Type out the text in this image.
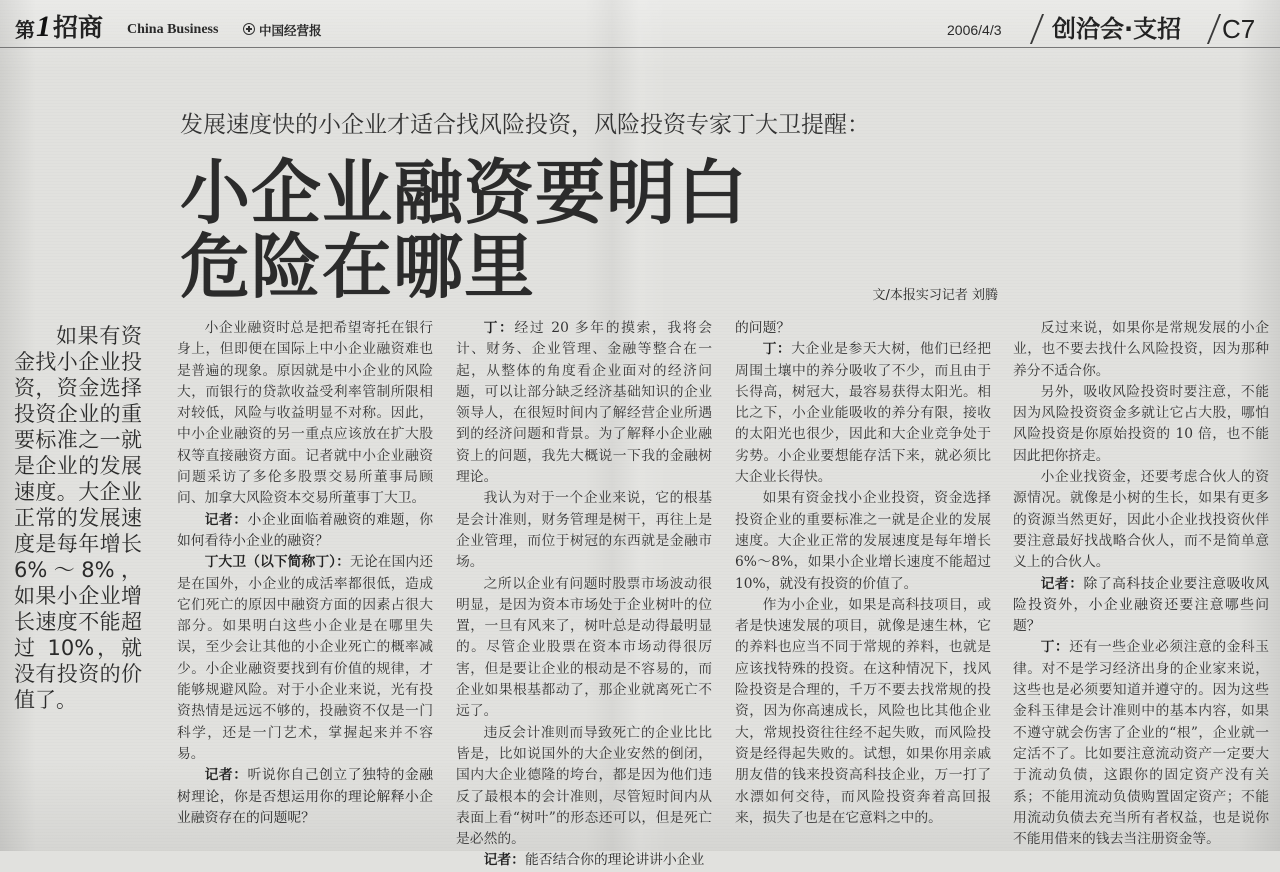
第 1 招商 China Business	中国经营报	2006/4/3 创洽会·支招 C7
发展速度快的小企业才适合找风险投资，风险投资专家丁大卫提醒：
小企业融资要明白
危险在哪里	文/本报实习记者 刘腾
如果有资金找小企业投资，资金选择投资企业的重要标准之一就是企业的发展速度。大企业正常的发展速度是每年增长 6%～8%，如果小企业增长速度不能超过 10%，就没有投资的价值了。

小企业融资时总是把希望寄托在银行身上，但即便在国际上中小企业融资难也是普遍的现象。原因就是中小企业的风险大，而银行的贷款收益受利率管制所限相对较低，风险与收益明显不对称。因此，中小企业融资的另一重点应该放在扩大股权等直接融资方面。记者就中小企业融资问题采访了多伦多股票交易所董事局顾问、加拿大风险资本交易所董事丁大卫。

记者：小企业面临着融资的难题，你如何看待小企业的融资？

丁大卫（以下简称丁）：无论在国内还是在国外，小企业的成活率都很低，造成它们死亡的原因中融资方面的因素占很大部分。如果明白这些小企业是在哪里失误，至少会让其他的小企业死亡的概率减少。小企业融资要找到有价值的规律，才能够规避风险。对于小企业来说，光有投资热情是远远不够的，投融资不仅是一门科学，还是一门艺术，掌握起来并不容易。

记者：听说你自己创立了独特的金融树理论，你是否想运用你的理论解释小企业融资存在的问题呢？

丁：经过 20 多年的摸索，我将会计、财务、企业管理、金融等整合在一起，从整体的角度看企业面对的经济问题，可以让部分缺乏经济基础知识的企业领导人，在很短时间内了解经营企业所遇到的经济问题和背景。为了解释小企业融资上的问题，我先大概说一下我的金融树理论。

我认为对于一个企业来说，它的根基是会计准则，财务管理是树干，再往上是企业管理，而位于树冠的东西就是金融市场。

之所以企业有问题时股票市场波动很明显，是因为资本市场处于企业树叶的位置，一旦有风来了，树叶总是动得最明显的。尽管企业股票在资本市场动得很厉害，但是要让企业的根动是不容易的，而企业如果根基都动了，那企业就离死亡不远了。

违反会计准则而导致死亡的企业比比皆是，比如说国外的大企业安然的倒闭，国内大企业德隆的垮台，都是因为他们违反了最根本的会计准则，尽管短时间内从表面上看“树叶”的形态还可以，但是死亡是必然的。

记者：能否结合你的理论讲讲小企业

的问题？

丁：大企业是参天大树，他们已经把周围土壤中的养分吸收了不少，而且由于长得高，树冠大，最容易获得太阳光。相比之下，小企业能吸收的养分有限，接收的太阳光也很少，因此和大企业竞争处于劣势。小企业要想能存活下来，就必须比大企业长得快。

如果有资金找小企业投资，资金选择投资企业的重要标准之一就是企业的发展速度。大企业正常的发展速度是每年增长 6%～8%，如果小企业增长速度不能超过 10%，就没有投资的价值了。

作为小企业，如果是高科技项目，或者是快速发展的项目，就像是速生林，它的养料也应当不同于常规的养料，也就是应该找特殊的投资。在这种情况下，找风险投资是合理的，千万不要去找常规的投资，因为你高速成长，风险也比其他企业大，常规投资往往经不起失败，而风险投资是经得起失败的。试想，如果你用亲戚朋友借的钱来投资高科技企业，万一打了水漂如何交待，而风险投资奔着高回报来，损失了也是在它意料之中的。

反过来说，如果你是常规发展的小企业，也不要去找什么风险投资，因为那种养分不适合你。

另外，吸收风险投资时要注意，不能因为风险投资资金多就让它占大股，哪怕风险投资是你原始投资的 10 倍，也不能因此把你挤走。

小企业找资金，还要考虑合伙人的资源情况。就像是小树的生长，如果有更多的资源当然更好，因此小企业找投资伙伴要注意最好找战略合伙人，而不是简单意义上的合伙人。

记者：除了高科技企业要注意吸收风险投资外，小企业融资还要注意哪些问题？

丁：还有一些企业必须注意的金科玉律。对不是学习经济出身的企业家来说，这些也是必须要知道并遵守的。因为这些金科玉律是会计准则中的基本内容，如果不遵守就会伤害了企业的“根”，企业就一定活不了。比如要注意流动资产一定要大于流动负债，这跟你的固定资产没有关系；不能用流动负债购置固定资产；不能用流动负债去充当所有者权益，也是说你不能用借来的钱去当注册资金等。
